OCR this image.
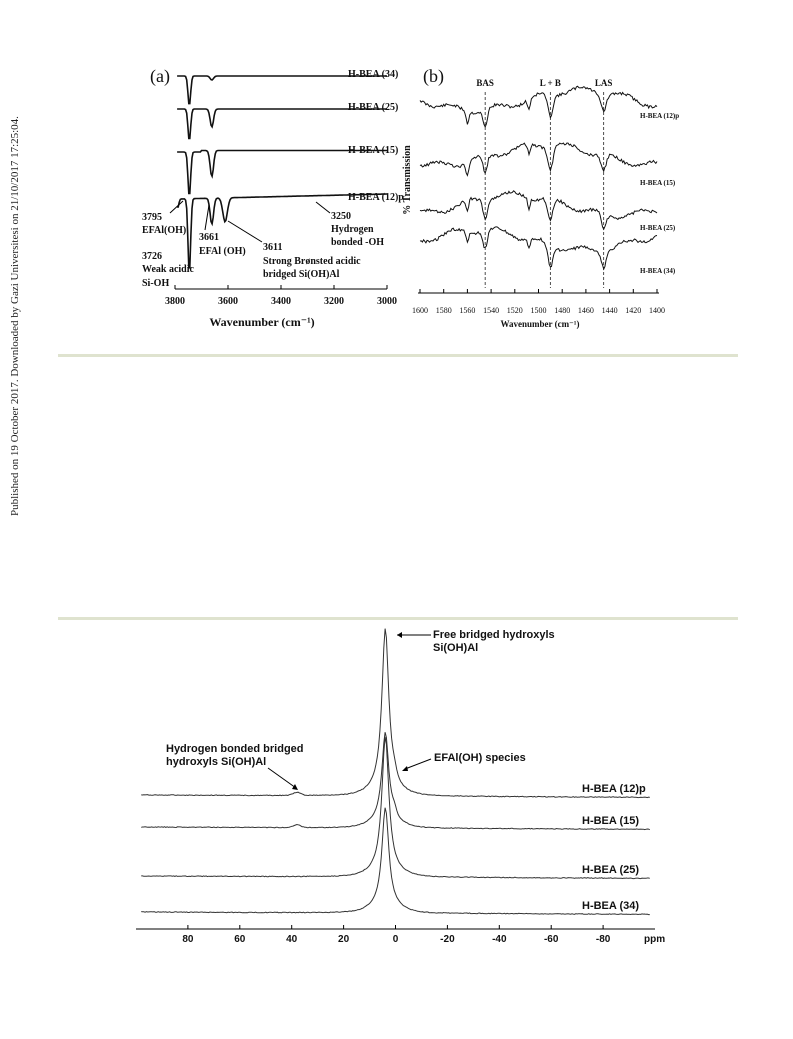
Published on 19 October 2017. Downloaded by Gazi Universitesi on 21/10/2017 17:25:04.
(a)	H-BEA (34)
H-BEA (25)
H-BEA (15)
H-BEA (12)p
3795
EFAl(OH)
3726
Weak acidic
Si-OH
3661
EFAl (OH) 3611
Strong Brønsted acidic
bridged Si(OH)Al
3250
Hydrogen
bonded -OH
3800	3600	3400	3200	3000
Wavenumber (cm⁻¹)
(b)
% Transmission
BAS	L + B	LAS
H-BEA (12)p
H-BEA (15)
H-BEA (25)
H-BEA (34)
1600 1580 1560 1540 1520 1500 1480 1460 1440 1420 1400
Wavenumber (cm⁻¹)
H-BEA (12)p
H-BEA (15)
H-BEA (25)
H-BEA (34)
Free bridged hydroxyls
Si(OH)Al
Hydrogen bonded bridged
hydroxyls Si(OH)Al	EFAl(OH) species
80	60	40	20	0	-20	-40	-60	-80	ppm
